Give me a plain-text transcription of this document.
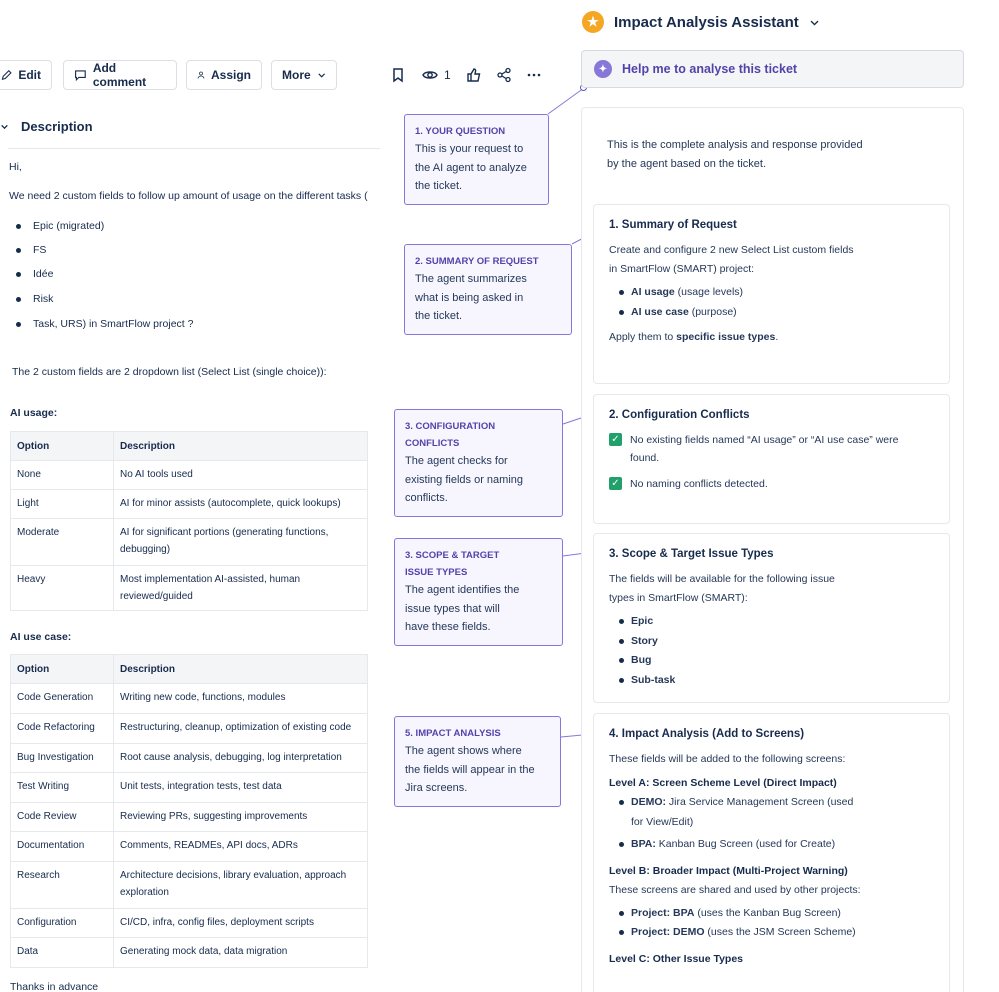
Edit	Add comment	Assign	More	1
Description
Hi,
We need 2 custom fields to follow up amount of usage on the different tasks (
Epic (migrated)
FS
Idée
Risk
Task, URS) in SmartFlow project ?
The 2 custom fields are 2 dropdown list (Select List (single choice)):
AI usage:
Option	Description
None	No AI tools used
Light	AI for minor assists (autocomplete, quick lookups)
Moderate	AI for significant portions (generating functions, debugging)
Heavy	Most implementation AI-assisted, human reviewed/guided
AI use case:
Option	Description
Code Generation	Writing new code, functions, modules
Code Refactoring	Restructuring, cleanup, optimization of existing code
Bug Investigation	Root cause analysis, debugging, log interpretation
Test Writing	Unit tests, integration tests, test data
Code Review	Reviewing PRs, suggesting improvements
Documentation	Comments, READMEs, API docs, ADRs
Research	Architecture decisions, library evaluation, approach exploration
Configuration	CI/CD, infra, config files, deployment scripts
Data	Generating mock data, data migration
Thanks in advance
1. YOUR QUESTION
This is your request to the AI agent to analyze the ticket.
2. SUMMARY OF REQUEST
The agent summarizes what is being asked in the ticket.
3. CONFIGURATION CONFLICTS
The agent checks for existing fields or naming conflicts.
3. SCOPE & TARGET ISSUE TYPES
The agent identifies the issue types that will have these fields.
5. IMPACT ANALYSIS
The agent shows where the fields will appear in the Jira screens.
★	Impact Analysis Assistant
✦	Help me to analyse this ticket
This is the complete analysis and response provided by the agent based on the ticket.
1. Summary of Request
Create and configure 2 new Select List custom fields in SmartFlow (SMART) project:
AI usage (usage levels)
AI use case (purpose)
Apply them to specific issue types.
2. Configuration Conflicts
✓ No existing fields named “AI usage” or “AI use case” were found.
✓ No naming conflicts detected.
3. Scope & Target Issue Types
The fields will be available for the following issue types in SmartFlow (SMART):
Epic
Story
Bug
Sub-task
4. Impact Analysis (Add to Screens)
These fields will be added to the following screens:
Level A: Screen Scheme Level (Direct Impact)
DEMO: Jira Service Management Screen (used for View/Edit)
BPA: Kanban Bug Screen (used for Create)
Level B: Broader Impact (Multi-Project Warning)
These screens are shared and used by other projects:
Project: BPA (uses the Kanban Bug Screen)
Project: DEMO (uses the JSM Screen Scheme)
Level C: Other Issue Types
